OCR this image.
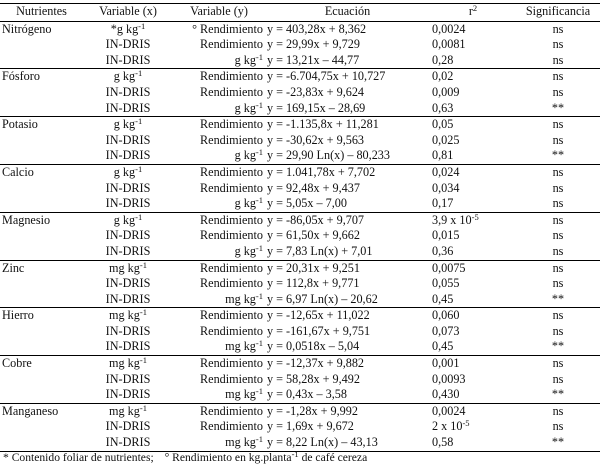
Nutrientes	Variable (x)	Variable (y)	Ecuación	$r^2$	Significancia
Nitrógeno	*g $kg^{-1}$	° Rendimiento	y = 403,28x + 8,362	0,0024	ns
	IN-DRIS	Rendimiento	y = 29,99x + 9,729	0,0081	ns
	IN-DRIS	g $kg^{-1}$	y = 13,21x – 44,77	0,28	ns
Fósforo	g $kg^{-1}$	Rendimiento	y = -6.704,75x + 10,727	0,02	ns
	IN-DRIS	Rendimiento	y = -23,83x + 9,624	0,009	ns
	IN-DRIS	g $kg^{-1}$	y = 169,15x – 28,69	0,63	**
Potasio	g $kg^{-1}$	Rendimiento	y = -1.135,8x + 11,281	0,05	ns
	IN-DRIS	Rendimiento	y = -30,62x + 9,563	0,025	ns
	IN-DRIS	g $kg^{-1}$	y = 29,90 Ln(x) – 80,233	0,81	**
Calcio	g $kg^{-1}$	Rendimiento	y = 1.041,78x + 7,702	0,024	ns
	IN-DRIS	Rendimiento	y = 92,48x + 9,437	0,034	ns
	IN-DRIS	g $kg^{-1}$	y = 5,05x – 7,00	0,17	ns
Magnesio	g $kg^{-1}$	Rendimiento	y = -86,05x + 9,707	3,9 x $10^{-5}$	ns
	IN-DRIS	Rendimiento	y = 61,50x + 9,662	0,015	ns
	IN-DRIS	g $kg^{-1}$	y = 7,83 Ln(x) + 7,01	0,36	ns
Zinc	mg $kg^{-1}$	Rendimiento	y = 20,31x + 9,251	0,0075	ns
	IN-DRIS	Rendimiento	y = 112,8x + 9,771	0,055	ns
	IN-DRIS	mg $kg^{-1}$	y = 6,97 Ln(x) – 20,62	0,45	**
Hierro	mg $kg^{-1}$	Rendimiento	y = -12,65x + 11,022	0,060	ns
	IN-DRIS	Rendimiento	y = -161,67x + 9,751	0,073	ns
	IN-DRIS	mg $kg^{-1}$	y = 0,0518x – 5,04	0,45	**
Cobre	mg $kg^{-1}$	Rendimiento	y = -12,37x + 9,882	0,001	ns
	IN-DRIS	Rendimiento	y = 58,28x + 9,492	0,0093	ns
	IN-DRIS	mg $kg^{-1}$	y = 0,43x – 3,58	0,430	**
Manganeso	mg $kg^{-1}$	Rendimiento	y = -1,28x + 9,992	0,0024	ns
	IN-DRIS	Rendimiento	y = 1,69x + 9,672	2 x $10^{-5}$	ns
	IN-DRIS	mg $kg^{-1}$	y = 8,22 Ln(x) – 43,13	0,58	**
* Contenido foliar de nutrientes; ° Rendimiento en kg.planta$^{-1}$ de café cereza
